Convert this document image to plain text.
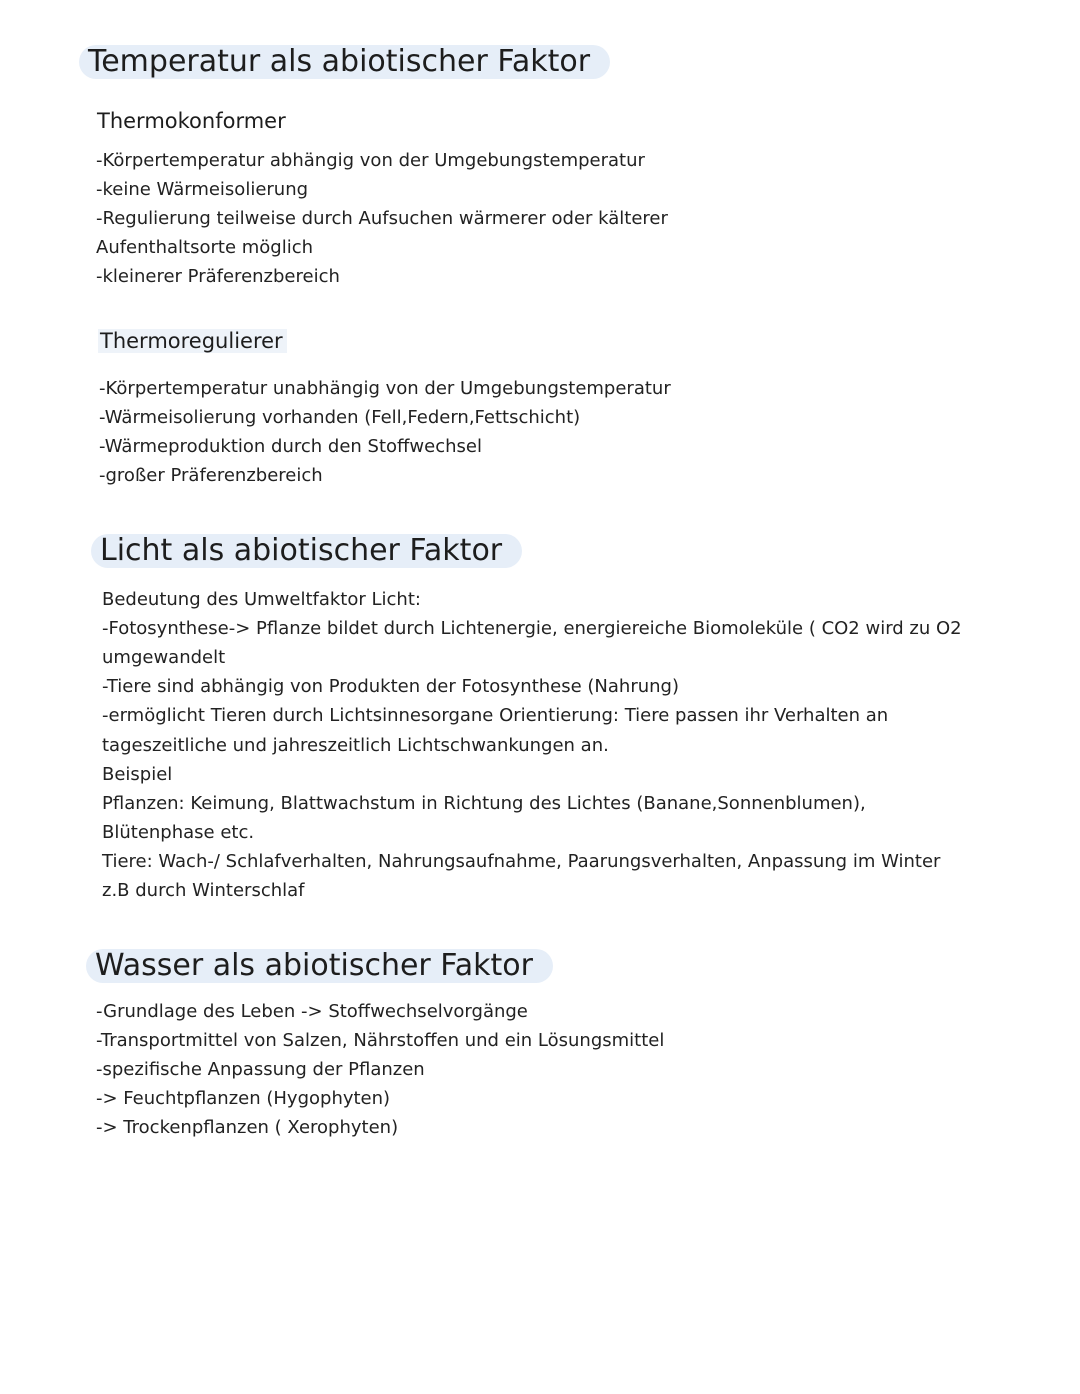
Temperatur als abiotischer Faktor
Thermokonformer
-Körpertemperatur abhängig von der Umgebungstemperatur
-keine Wärmeisolierung
-Regulierung teilweise durch Aufsuchen wärmerer oder kälterer
Aufenthaltsorte möglich
-kleinerer Präferenzbereich
Thermoregulierer
-Körpertemperatur unabhängig von der Umgebungstemperatur
-Wärmeisolierung vorhanden (Fell,Federn,Fettschicht)
-Wärmeproduktion durch den Stoffwechsel
-großer Präferenzbereich
Licht als abiotischer Faktor
Bedeutung des Umweltfaktor Licht:
-Fotosynthese-> Pflanze bildet durch Lichtenergie, energiereiche Biomoleküle ( CO2 wird zu O2
umgewandelt
-Tiere sind abhängig von Produkten der Fotosynthese (Nahrung)
-ermöglicht Tieren durch Lichtsinnesorgane Orientierung: Tiere passen ihr Verhalten an
tageszeitliche und jahreszeitlich Lichtschwankungen an.
Beispiel
Pflanzen: Keimung, Blattwachstum in Richtung des Lichtes (Banane,Sonnenblumen),
Blütenphase etc.
Tiere: Wach-/ Schlafverhalten, Nahrungsaufnahme, Paarungsverhalten, Anpassung im Winter
z.B durch Winterschlaf
Wasser als abiotischer Faktor
-Grundlage des Leben -> Stoffwechselvorgänge
-Transportmittel von Salzen, Nährstoffen und ein Lösungsmittel
-spezifische Anpassung der Pflanzen
-> Feuchtpflanzen (Hygophyten)
-> Trockenpflanzen ( Xerophyten)
